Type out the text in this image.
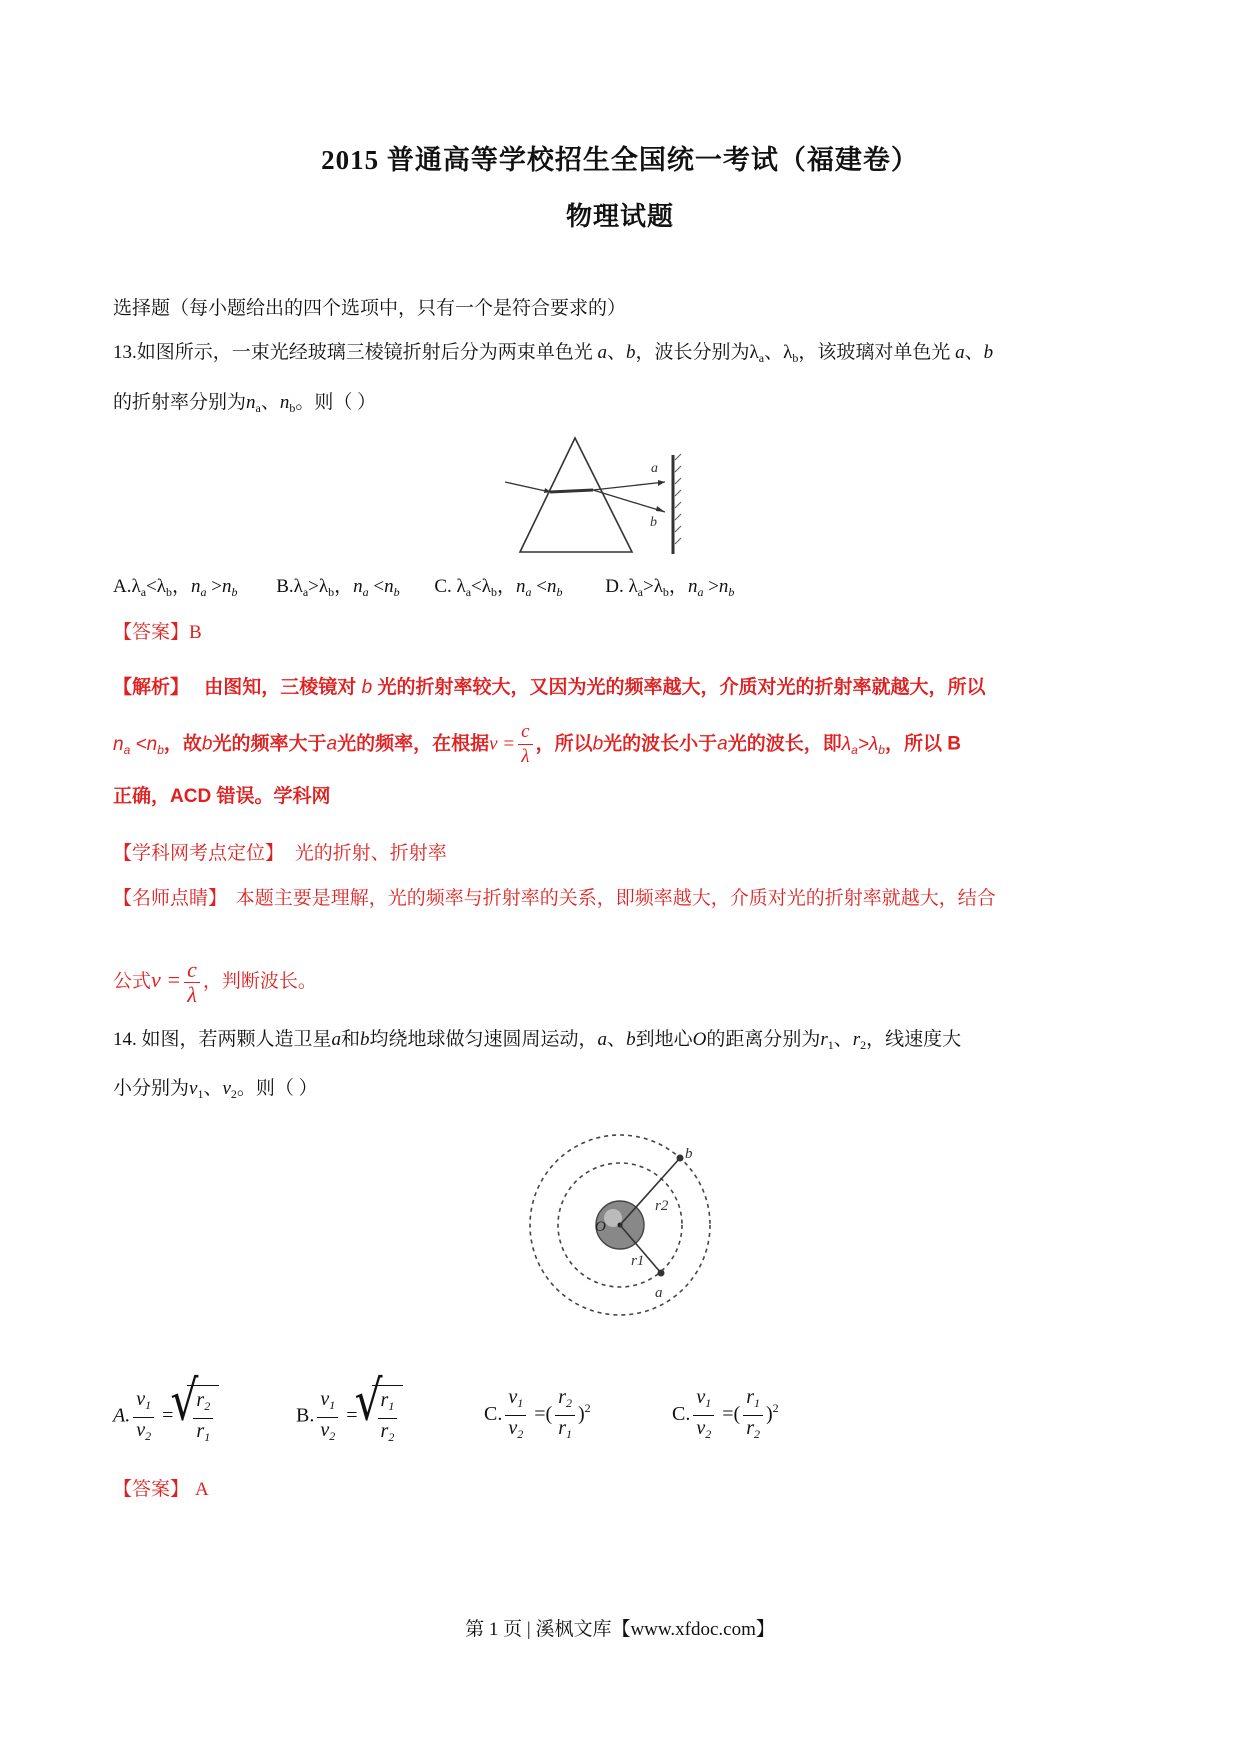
2015 普通高等学校招生全国统一考试（福建卷）
物理试题
选择题（每小题给出的四个选项中，只有一个是符合要求的）
13.如图所示，一束光经玻璃三棱镜折射后分为两束单色光 a、b，波长分别为$\lambda_a$、$\lambda_b$，该玻璃对单色光 a、b
的折射率分别为$n_a$、$n_b$。则（ ）
a
b
$A.\lambda_a<\lambda_b$，$n_a >n_b$ $B.\lambda_a>\lambda_b$，$n_a <n_b$ C. $\lambda_a<\lambda_b$，$n_a <n_b$ D. $\lambda_a>\lambda_b$，$n_a >n_b$
【答案】B
【解析】 由图知，三棱镜对 b 光的折射率较大，又因为光的频率越大，介质对光的折射率就越大，所以
$n_a <n_b$，故b光的频率大于a光的频率，在根据$\nu = \frac{c}{\lambda}$ ，所以b光的波长小于a光的波长，即$\lambda_a>\lambda_b$，所以 B
正确，ACD 错误。学科网
【学科网考点定位】 光的折射、折射率
【名师点睛】 本题主要是理解，光的频率与折射率的关系，即频率越大，介质对光的折射率就越大，结合
公式$\nu = \frac{c}{\lambda}$ ，判断波长。
14. 如图，若两颗人造卫星a和b均绕地球做匀速圆周运动，a、b到地心O的距离分别为$r_1$、$r_2$，线速度大
小分别为$v_1$、$v_2$。则（ ）
O
b
a
r2
r1
A. $\frac{v_1}{v_2}$ = √ $\frac{r_2}{r_1}$	B. $\frac{v_1}{v_2}$ = √ $\frac{r_1}{r_2}$	C. $\frac{v_1}{v_2}$ =( $\frac{r_2}{r_1} )^2$	C. $\frac{v_1}{v_2}$ =( $\frac{r_1}{r_2} )^2$
【答案】 A
第 1 页 | 溪枫文库【www.xfdoc.com】
